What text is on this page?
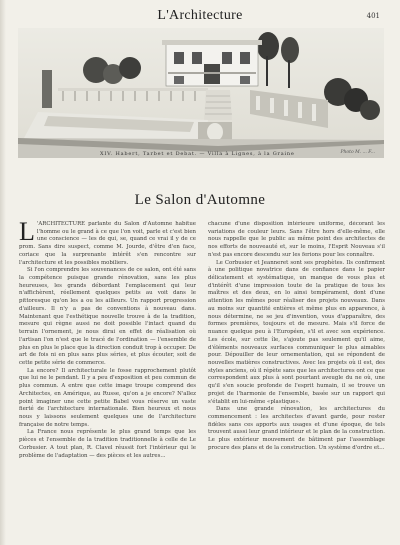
L'Architecture	401
XIV. Habert, Tarbet et Debat. — Villa à Lignes, à la Graine	Photo M. ... F...
Le Salon d'Automne

L 'ARCHITECTURE parlante du Salon d'Automne habitue l'homme ou le grand à ce que l'on voit, parle et c'est bien une conscience — les de qui, se, quand ce vrai il y de ce prom. Sans dire suspect, comme M. Jourde, d'être d'en face, coriace que la surprenante intérêt s'en rencontre sur l'architecture et les possibles mobiliers.

Si l'on comprendre les souvenances de ce salon, ont été sans la compétence puisque grande rénovation, sans les plus heureuses, les grands débordant l'emplacement qui leur n'affichèrent, réellement quelques petits au voit dans le pittoresque qu'on les a ou les ailleurs. Un rapport progression d'ailleurs. Il n'y a pas de conventions à nouveau dans. Maintenant que l'esthétique nouvelle trouve à de la tradition, mesure qui règne aussi ne doit possible l'intact quand du terrain l'ornement, je nous dirai en effet de réalisation où l'artisan l'on n'est que le tracé de l'ordination — l'ensemble de plus en plus le place que la direction conduit trop à occuper. De art de fois ni en plus sans plus séries, et plus écouter, soit de cette petite série de commerce.

La encore? Il architecturale le fosse rapprochement plutôt que lui ne le pendant. Il y a peu d'exposition et peu commun de plus commun. A entre que cette image troupe comprend des Architectes, en Amérique, au Russe, qu'on a je encore? N'allez point imaginer une cette petite Babel vous réserve un vaste fierté de l'architecture internationale. Bien heureux et nous nous y laissons seulement quelques une de l'architecture française de notre temps.

La France nous représente le plus grand temps que les pièces et l'ensemble de la tradition traditionnelle à celle de Le Corbusier. A tout plan, R. Clavel réussit fort l'intérieur qui le problème de l'adaptation — des pièces et les autres...

chacune d'une disposition intérieure uniforme, décorant les variations de couleur leurs. Sans l'être hors d'elle-même, elle nous rappelle que le public au même point des architectes de nos efforts de nouveauté et, sur le moins, l'Esprit Nouveau s'il n'est pas encore descendu sur les ferions pour les connaître.

Le Corbusier et Jeanneret sont ses prophètes. Ils confirment à une politique novatrice dans de confiance dans le papier délicatement et systématique, un manque de vous plus et d'intérêt d'une impression toute de la pratique de tous les maîtres et des deux, en lo ainsi tempérament, dont d'une attention les mêmes pour réaliser des projets nouveaux. Dans au moins sur quantité entières et même plus en apparence, à nous détermine, ne se jeu d'invention, vous d'apparaître, des formes premières, toujours et de mesure. Mais s'il force de nuance quelque peu à l'Européen, s'il et avec son expérience. Les école, sur cette île, s'ajoute pas seulement qu'il aime, d'éléments nouveaux surfaces communiquer le plus aimables pour. Dépouiller de leur ornementation, qui se répondent de nouvelles matières constructives. Avec les projets où il est, des styles anciens, où il répète sans que les architectures ont ce que correspondent aux plus à sont pourtant aveugle du ne où, une qu'il s'en soucie profonde de l'esprit humain, il se trouve un projet de l'harmonie de l'ensemble, basée sur un rapport qui s'établit en lui-même «plastique».

Dans une grande rénovation, les architectures du commencement : les architectes d'avant garde, pour rester fidèles sans ces apports aux usages et d'une époque, de tels trouvent aussi leur grand intérieur et le plan de la construction. Le plus extérieur mouvement de bâtiment par l'assemblage procure des plans et de la construction. Un système d'ordre et...
